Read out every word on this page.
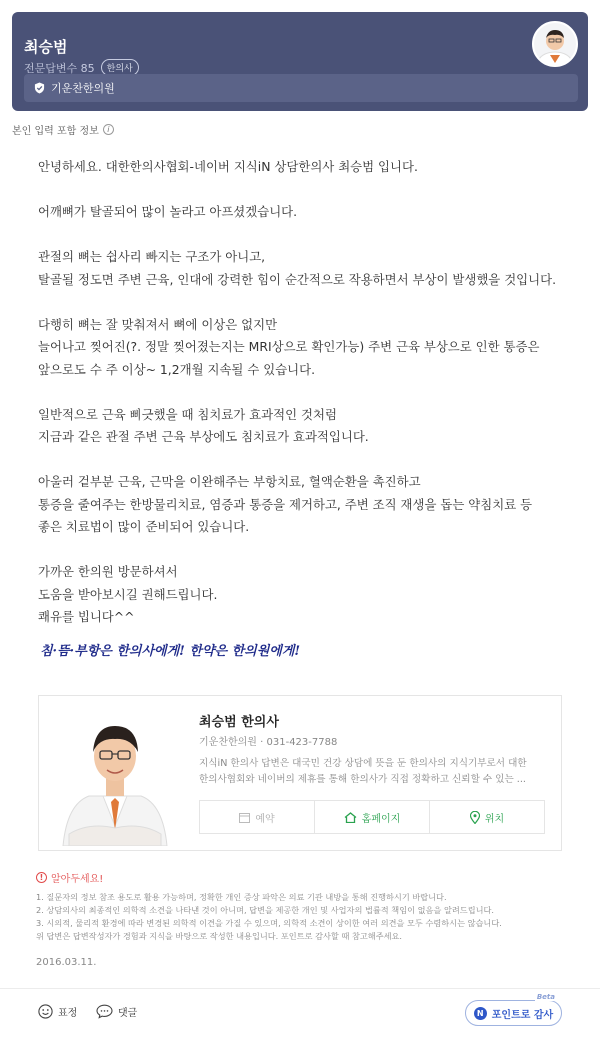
최승범
전문답변수 85	한의사
기운찬한의원
본인 입력 포함 정보	i
안녕하세요. 대한한의사협회-네이버 지식iN 상담한의사 최승범 입니다.
어깨뼈가 탈골되어 많이 놀라고 아프셨겠습니다.
관절의 뼈는 쉽사리 빠지는 구조가 아니고,
탈골될 정도면 주변 근육, 인대에 강력한 힘이 순간적으로 작용하면서 부상이 발생했을 것입니다.
다행히 뼈는 잘 맞춰져서 뼈에 이상은 없지만
늘어나고 찢어진(?. 정말 찢어졌는지는 MRI상으로 확인가능) 주변 근육 부상으로 인한 통증은
앞으로도 수 주 이상~ 1,2개월 지속될 수 있습니다.
일반적으로 근육 삐긋했을 때 침치료가 효과적인 것처럼
지금과 같은 관절 주변 근육 부상에도 침치료가 효과적입니다.
아울러 겉부분 근육, 근막을 이완해주는 부항치료, 혈액순환을 촉진하고
통증을 줄여주는 한방물리치료, 염증과 통증을 제거하고, 주변 조직 재생을 돕는 약침치료 등
좋은 치료법이 많이 준비되어 있습니다.
가까운 한의원 방문하셔서
도움을 받아보시길 권해드립니다.
쾌유를 빕니다^^
침·뜸·부항은 한의사에게! 한약은 한의원에게!
최승범 한의사
기운찬한의원 · 031-423-7788
지식iN 한의사 답변은 대국민 건강 상담에 뜻을 둔 한의사의 지식기부로서 대한
한의사협회와 네이버의 제휴를 통해 한의사가 직접 정확하고 신뢰할 수 있는 ...
예약	홈페이지	위치
! 알아두세요!
1. 질문자의 정보 참조 용도로 활용 가능하며, 정확한 개인 증상 파악은 의료 기관 내방을 통해 진행하시기 바랍니다.
2. 상담의사의 최종적인 의학적 소견을 나타낸 것이 아니며, 답변을 제공한 개인 및 사업자의 법률적 책임이 없음을 알려드립니다.
3. 시의적, 물리적 환경에 따라 변경된 의학적 이견을 가질 수 있으며, 의학적 소견이 상이한 여러 의견을 모두 수렴하시는 않습니다.
위 답변은 답변작성자가 경험과 지식을 바탕으로 작성한 내용입니다. 포인트로 감사할 때 참고해주세요.
2016.03.11.
표정	댓글
Beta
N 포인트로 감사
